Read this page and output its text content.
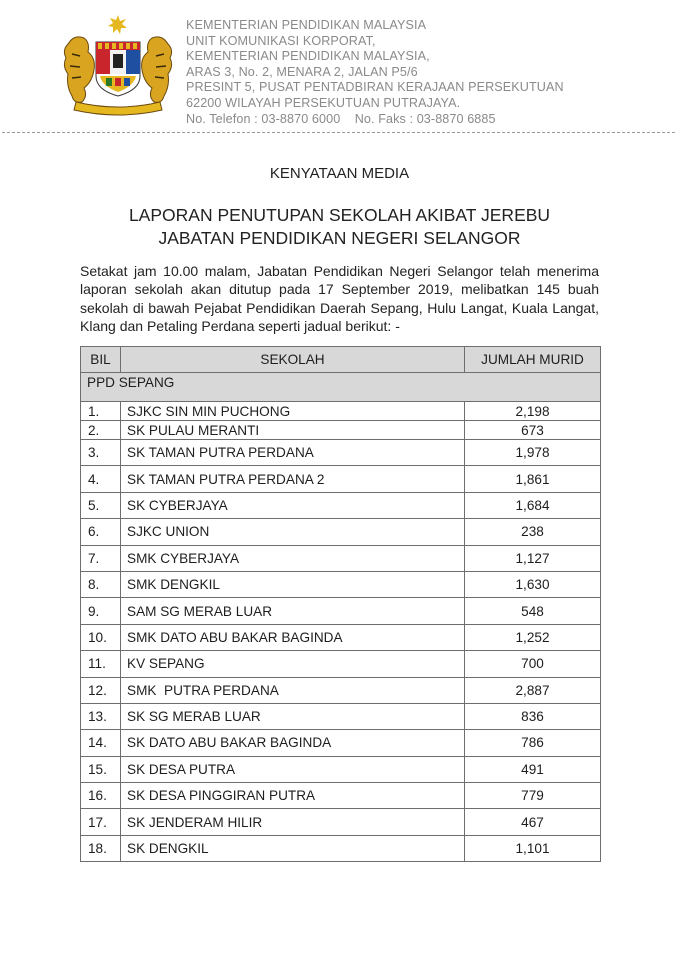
KEMENTERIAN PENDIDIKAN MALAYSIA
UNIT KOMUNIKASI KORPORAT,
KEMENTERIAN PENDIDIKAN MALAYSIA,
ARAS 3, No. 2, MENARA 2, JALAN P5/6
PRESINT 5, PUSAT PENTADBIRAN KERAJAAN PERSEKUTUAN
62200 WILAYAH PERSEKUTUAN PUTRAJAYA.
No. Telefon : 03-8870 6000    No. Faks : 03-8870 6885
KENYATAAN MEDIA
LAPORAN PENUTUPAN SEKOLAH AKIBAT JEREBU
JABATAN PENDIDIKAN NEGERI SELANGOR
Setakat jam 10.00 malam, Jabatan Pendidikan Negeri Selangor telah menerima laporan sekolah akan ditutup pada 17 September 2019, melibatkan 145 buah sekolah di bawah Pejabat Pendidikan Daerah Sepang, Hulu Langat, Kuala Langat, Klang dan Petaling Perdana seperti jadual berikut: -
BIL	SEKOLAH	JUMLAH MURID
PPD SEPANG		
1.	SJKC SIN MIN PUCHONG	2,198
2.	SK PULAU MERANTI	673
3.	SK TAMAN PUTRA PERDANA	1,978
4.	SK TAMAN PUTRA PERDANA 2	1,861
5.	SK CYBERJAYA	1,684
6.	SJKC UNION	238
7.	SMK CYBERJAYA	1,127
8.	SMK DENGKIL	1,630
9.	SAM SG MERAB LUAR	548
10.	SMK DATO ABU BAKAR BAGINDA	1,252
11.	KV SEPANG	700
12.	SMK  PUTRA PERDANA	2,887
13.	SK SG MERAB LUAR	836
14.	SK DATO ABU BAKAR BAGINDA	786
15.	SK DESA PUTRA	491
16.	SK DESA PINGGIRAN PUTRA	779
17.	SK JENDERAM HILIR	467
18.	SK DENGKIL	1,101
